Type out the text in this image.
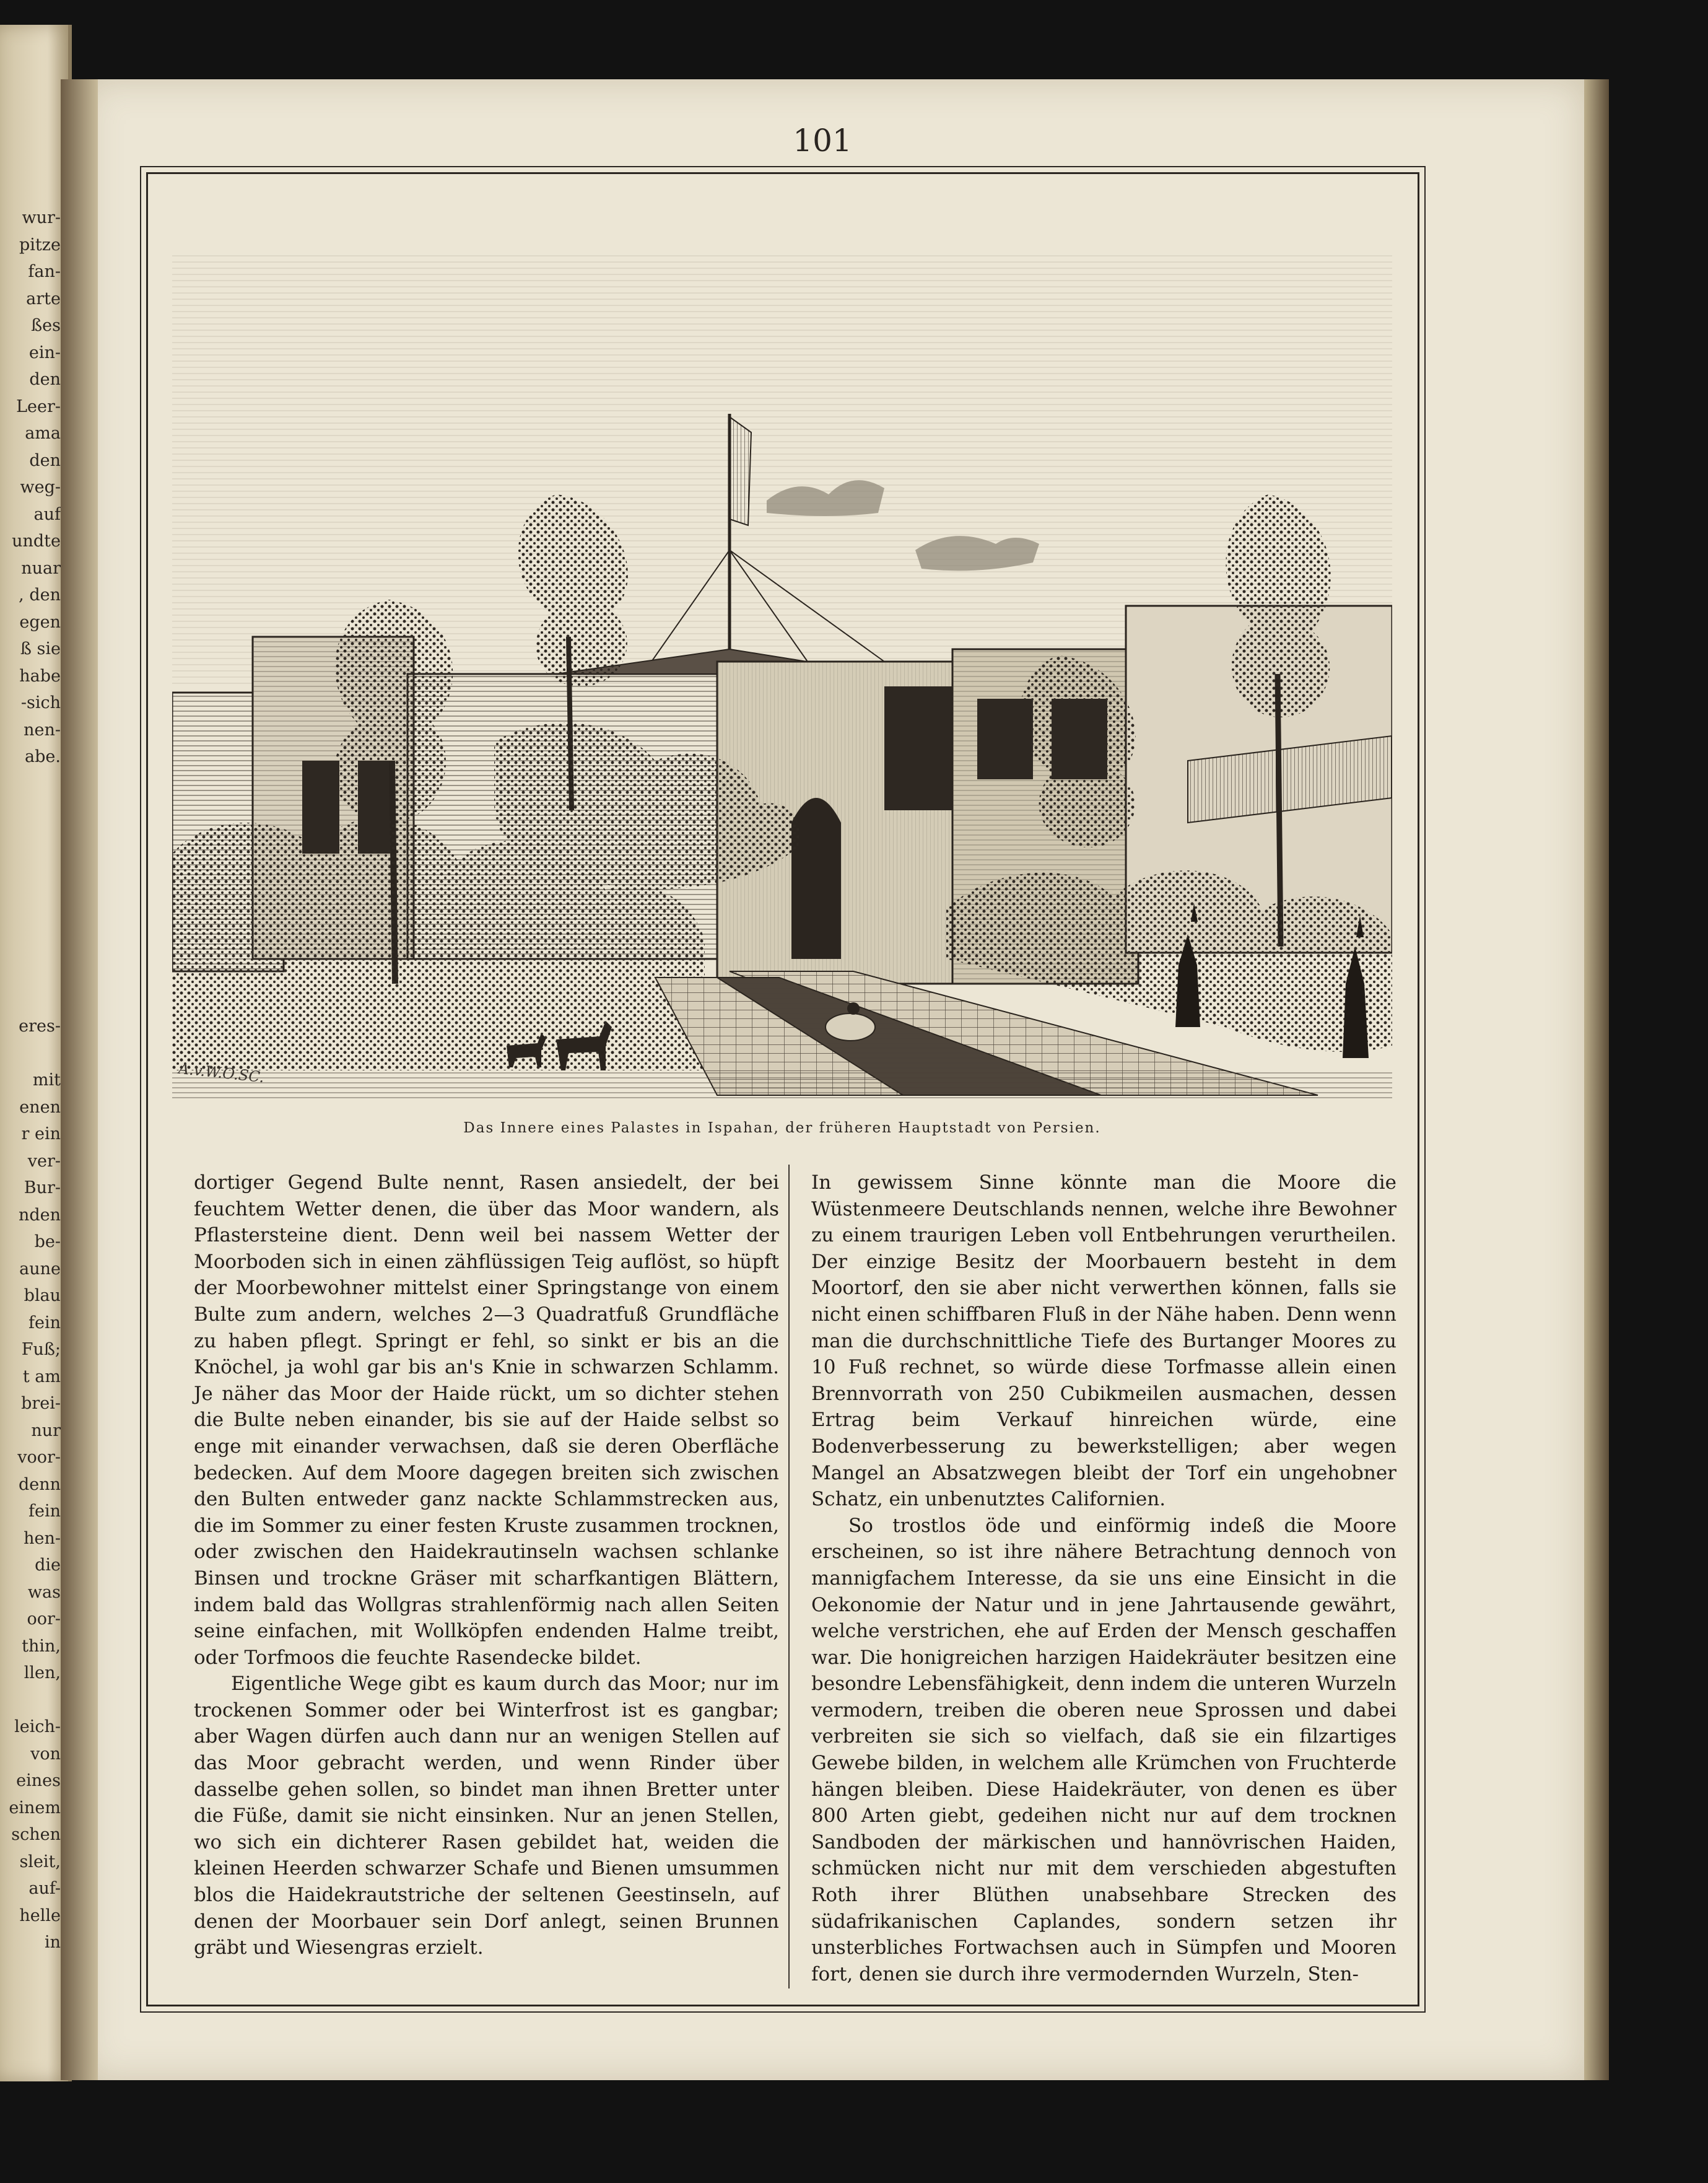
wur-
pitze
fan-
arte
ßes
ein-
den
Leer-
ama
den
weg-
auf
undte
nuar
, den
egen
ß sie
habe
-sich
nen-
abe.

eres-

mit
enen
r ein
ver-
Bur-
nden
be-
aune
blau
fein
Fuß;
t am
brei-
nur
voor-
denn
fein
hen-
die
was
oor-
thin,
llen,

leich-
von
eines
einem
schen
sleit,
auf-
helle
in
101
A.v.W.O.SC.
Das Innere eines Palastes in Ispahan, der früheren Hauptstadt von Persien.

dortiger Gegend Bulte nennt, Rasen ansiedelt, der bei feuchtem Wetter denen, die über das Moor wandern, als Pflastersteine dient. Denn weil bei nassem Wetter der Moorboden sich in einen zähflüssigen Teig auflöst, so hüpft der Moorbewohner mittelst einer Springstange von einem Bulte zum andern, welches 2—3 Quadratfuß Grundfläche zu haben pflegt. Springt er fehl, so sinkt er bis an die Knöchel, ja wohl gar bis an's Knie in schwarzen Schlamm. Je näher das Moor der Haide rückt, um so dichter stehen die Bulte neben einander, bis sie auf der Haide selbst so enge mit einander verwachsen, daß sie deren Oberfläche bedecken. Auf dem Moore dagegen breiten sich zwischen den Bulten entweder ganz nackte Schlammstrecken aus, die im Sommer zu einer festen Kruste zusammen trocknen, oder zwischen den Haidekrautinseln wachsen schlanke Binsen und trockne Gräser mit scharfkantigen Blättern, indem bald das Wollgras strahlenförmig nach allen Seiten seine einfachen, mit Wollköpfen endenden Halme treibt, oder Torfmoos die feuchte Rasendecke bildet.

Eigentliche Wege gibt es kaum durch das Moor; nur im trockenen Sommer oder bei Winterfrost ist es gangbar; aber Wagen dürfen auch dann nur an wenigen Stellen auf das Moor gebracht werden, und wenn Rinder über dasselbe gehen sollen, so bindet man ihnen Bretter unter die Füße, damit sie nicht einsinken. Nur an jenen Stellen, wo sich ein dichterer Rasen gebildet hat, weiden die kleinen Heerden schwarzer Schafe und Bienen umsummen blos die Haidekrautstriche der seltenen Geestinseln, auf denen der Moorbauer sein Dorf anlegt, seinen Brunnen gräbt und Wiesengras erzielt.

In gewissem Sinne könnte man die Moore die Wüstenmeere Deutschlands nennen, welche ihre Bewohner zu einem traurigen Leben voll Entbehrungen verurtheilen. Der einzige Besitz der Moorbauern besteht in dem Moortorf, den sie aber nicht verwerthen können, falls sie nicht einen schiffbaren Fluß in der Nähe haben. Denn wenn man die durchschnittliche Tiefe des Burtanger Moores zu 10 Fuß rechnet, so würde diese Torfmasse allein einen Brennvorrath von 250 Cubikmeilen ausmachen, dessen Ertrag beim Verkauf hinreichen würde, eine Bodenverbesserung zu bewerkstelligen; aber wegen Mangel an Absatzwegen bleibt der Torf ein ungehobner Schatz, ein unbenutztes Californien.

So trostlos öde und einförmig indeß die Moore erscheinen, so ist ihre nähere Betrachtung dennoch von mannigfachem Interesse, da sie uns eine Einsicht in die Oekonomie der Natur und in jene Jahrtausende gewährt, welche verstrichen, ehe auf Erden der Mensch geschaffen war. Die honigreichen harzigen Haidekräuter besitzen eine besondre Lebensfähigkeit, denn indem die unteren Wurzeln vermodern, treiben die oberen neue Sprossen und dabei verbreiten sie sich so vielfach, daß sie ein filzartiges Gewebe bilden, in welchem alle Krümchen von Fruchterde hängen bleiben. Diese Haidekräuter, von denen es über 800 Arten giebt, gedeihen nicht nur auf dem trocknen Sandboden der märkischen und hannövrischen Haiden, schmücken nicht nur mit dem verschieden abgestuften Roth ihrer Blüthen unabsehbare Strecken des südafrikanischen Caplandes, sondern setzen ihr unsterbliches Fortwachsen auch in Sümpfen und Mooren fort, denen sie durch ihre vermodernden Wurzeln, Sten-
